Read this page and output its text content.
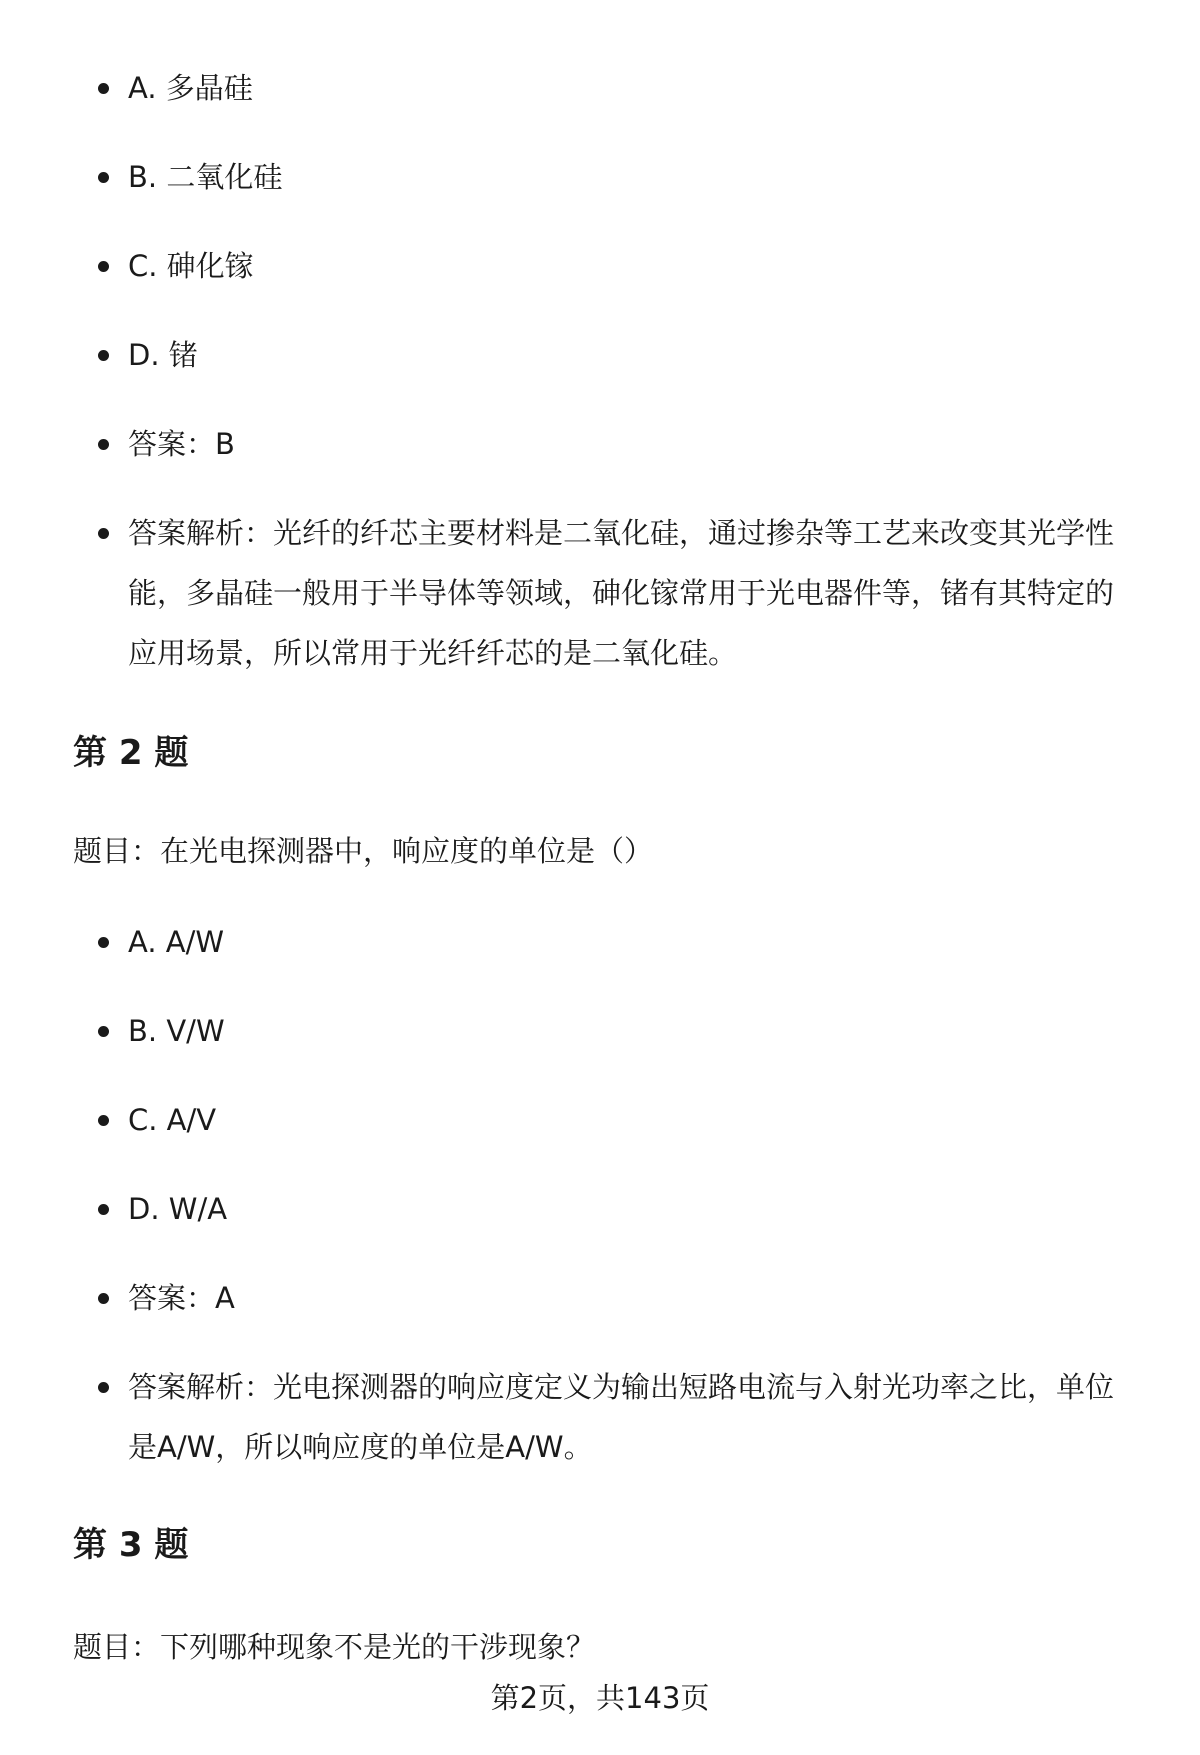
A. 多晶硅
B. 二氧化硅
C. 砷化镓
D. 锗
答案：B
答案解析：光纤的纤芯主要材料是二氧化硅，通过掺杂等工艺来改变其光学性能，多晶硅一般用于半导体等领域，砷化镓常用于光电器件等，锗有其特定的应用场景，所以常用于光纤纤芯的是二氧化硅。
第 2 题
题目：在光电探测器中，响应度的单位是（）
A. A/W
B. V/W
C. A/V
D. W/A
答案：A
答案解析：光电探测器的响应度定义为输出短路电流与入射光功率之比，单位是A/W，所以响应度的单位是A/W。
第 3 题
题目：下列哪种现象不是光的干涉现象？
第2页，共143页
